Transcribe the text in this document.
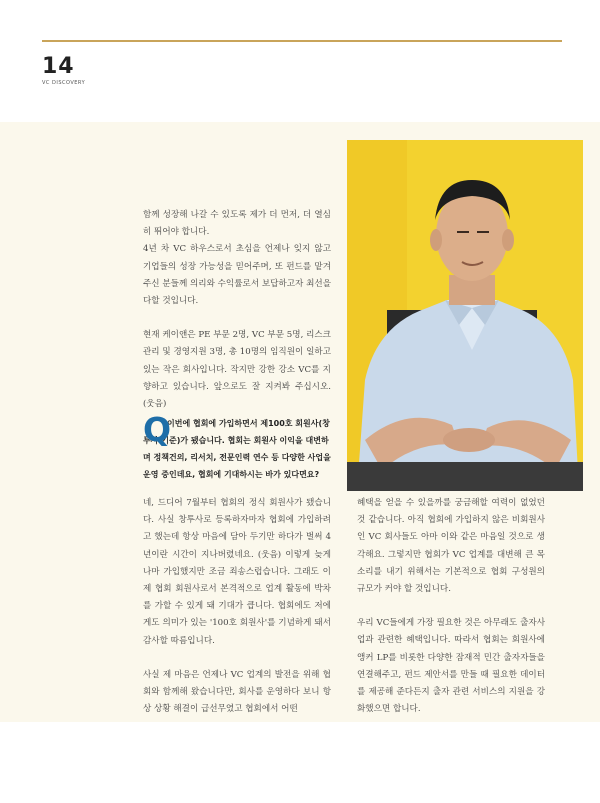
14
VC DISCOVERY

함께 성장해 나갈 수 있도록 제가 더 먼저, 더 열심히 뛰어야 합니다.
4년 차 VC 하우스로서 초심을 언제나 잊지 않고 기업들의 성장 가능성을 믿어주며, 또 펀드를 맡겨주신 분들께 의리와 수익률로서 보답하고자 최선을 다할 것입니다.

현재 케이앤은 PE 부문 2명, VC 부문 5명, 리스크 관리 및 경영지원 3명, 총 10명의 임직원이 일하고 있는 작은 회사입니다. 작지만 강한 강소 VC를 지향하고 있습니다. 앞으로도 잘 지켜봐 주십시오. (웃음)

Q

이번에 협회에 가입하면서 제100호 회원사(창투사 기준)가 됐습니다. 협회는 회원사 이익을 대변하며 정책건의, 리서치, 전문인력 연수 등 다양한 사업을 운영 중인데요, 협회에 기대하시는 바가 있다면요?

네, 드디어 7월부터 협회의 정식 회원사가 됐습니다. 사실 창투사로 등록하자마자 협회에 가입하려고 했는데 항상 마음에 담아 두기만 하다가 벌써 4년이란 시간이 지나버렸네요. (웃음) 이렇게 늦게나마 가입했지만 조금 죄송스럽습니다. 그래도 이제 협회 회원사로서 본격적으로 업계 활동에 박차를 가할 수 있게 돼 기대가 큽니다. 협회에도 저에게도 의미가 있는 '100호 회원사'를 기념하게 돼서 감사할 따름입니다.

사실 제 마음은 언제나 VC 업계의 발전을 위해 협회와 함께해 왔습니다만, 회사를 운영하다 보니 항상 상황 해결이 급선무였고 협회에서 어떤

혜택을 얻을 수 있을까를 궁금해할 여력이 없었던 것 같습니다. 아직 협회에 가입하지 않은 비회원사인 VC 회사들도 아마 이와 같은 마음일 것으로 생각해요. 그렇지만 협회가 VC 업계를 대변해 큰 목소리를 내기 위해서는 기본적으로 협회 구성원의 규모가 커야 할 것입니다.

우리 VC들에게 가장 필요한 것은 아무래도 출자사업과 관련한 혜택입니다. 따라서 협회는 회원사에 앵커 LP를 비롯한 다양한 잠재적 민간 출자자들을 연결해주고, 펀드 제안서를 만들 때 필요한 데이터를 제공해 준다든지 출자 관련 서비스의 지원을 강화했으면 합니다.
